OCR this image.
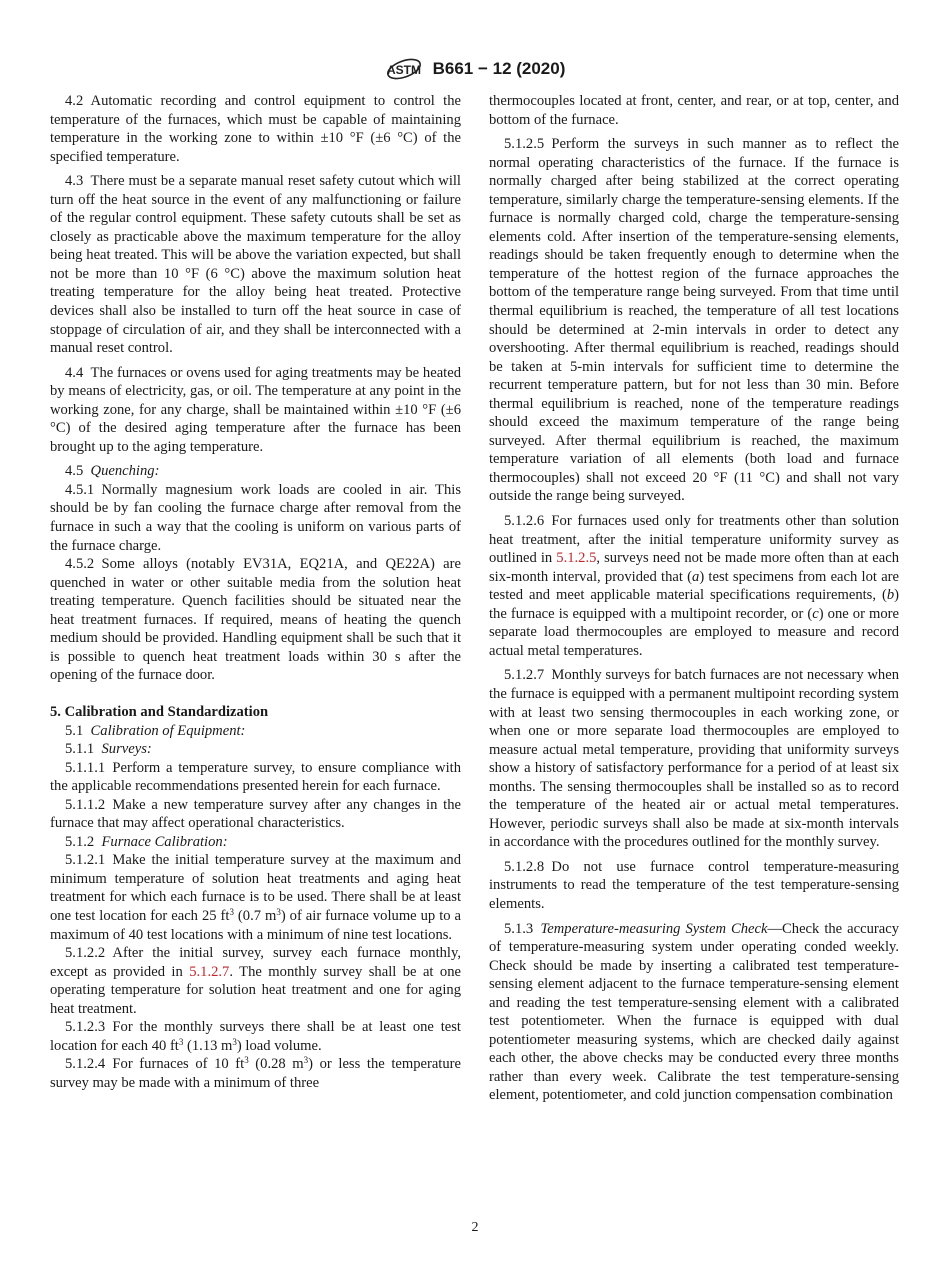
ASTM B661 − 12 (2020)

4.2 Automatic recording and control equipment to control the temperature of the furnaces, which must be capable of maintaining temperature in the working zone to within ±10 °F (±6 °C) of the specified temperature.

4.3 There must be a separate manual reset safety cutout which will turn off the heat source in the event of any malfunctioning or failure of the regular control equipment. These safety cutouts shall be set as closely as practicable above the maximum temperature for the alloy being heat treated. This will be above the variation expected, but shall not be more than 10 °F (6 °C) above the maximum solution heat treating temperature for the alloy being heat treated. Protective devices shall also be installed to turn off the heat source in case of stoppage of circulation of air, and they shall be interconnected with a manual reset control.

4.4 The furnaces or ovens used for aging treatments may be heated by means of electricity, gas, or oil. The temperature at any point in the working zone, for any charge, shall be maintained within ±10 °F (±6 °C) of the desired aging temperature after the furnace has been brought up to the aging temperature.

4.5 Quenching:

4.5.1 Normally magnesium work loads are cooled in air. This should be by fan cooling the furnace charge after removal from the furnace in such a way that the cooling is uniform on various parts of the furnace charge.

4.5.2 Some alloys (notably EV31A, EQ21A, and QE22A) are quenched in water or other suitable media from the solution heat treating temperature. Quench facilities should be situated near the heat treatment furnaces. If required, means of heating the quench medium should be provided. Handling equipment shall be such that it is possible to quench heat treatment loads within 30 s after the opening of the furnace door.

5. Calibration and Standardization

5.1 Calibration of Equipment:

5.1.1 Surveys:

5.1.1.1 Perform a temperature survey, to ensure compliance with the applicable recommendations presented herein for each furnace.

5.1.1.2 Make a new temperature survey after any changes in the furnace that may affect operational characteristics.

5.1.2 Furnace Calibration:

5.1.2.1 Make the initial temperature survey at the maximum and minimum temperature of solution heat treatments and aging heat treatment for which each furnace is to be used. There shall be at least one test location for each 25 $ft^3$ (0.7 $m^3$) of air furnace volume up to a maximum of 40 test locations with a minimum of nine test locations.

5.1.2.2 After the initial survey, survey each furnace monthly, except as provided in 5.1.2.7. The monthly survey shall be at one operating temperature for solution heat treatment and one for aging heat treatment.

5.1.2.3 For the monthly surveys there shall be at least one test location for each 40 $ft^3$ (1.13 $m^3$) load volume.

5.1.2.4 For furnaces of 10 $ft^3$ (0.28 $m^3$) or less the temperature survey may be made with a minimum of three

thermocouples located at front, center, and rear, or at top, center, and bottom of the furnace.

5.1.2.5 Perform the surveys in such manner as to reflect the normal operating characteristics of the furnace. If the furnace is normally charged after being stabilized at the correct operating temperature, similarly charge the temperature-sensing elements. If the furnace is normally charged cold, charge the temperature-sensing elements cold. After insertion of the temperature-sensing elements, readings should be taken frequently enough to determine when the temperature of the hottest region of the furnace approaches the bottom of the temperature range being surveyed. From that time until thermal equilibrium is reached, the temperature of all test locations should be determined at 2-min intervals in order to detect any overshooting. After thermal equilibrium is reached, readings should be taken at 5-min intervals for sufficient time to determine the recurrent temperature pattern, but for not less than 30 min. Before thermal equilibrium is reached, none of the temperature readings should exceed the maximum temperature of the range being surveyed. After thermal equilibrium is reached, the maximum temperature variation of all elements (both load and furnace thermocouples) shall not exceed 20 °F (11 °C) and shall not vary outside the range being surveyed.

5.1.2.6 For furnaces used only for treatments other than solution heat treatment, after the initial temperature uniformity survey as outlined in 5.1.2.5, surveys need not be made more often than at each six-month interval, provided that (a) test specimens from each lot are tested and meet applicable material specifications requirements, (b) the furnace is equipped with a multipoint recorder, or (c) one or more separate load thermocouples are employed to measure and record actual metal temperatures.

5.1.2.7 Monthly surveys for batch furnaces are not necessary when the furnace is equipped with a permanent multipoint recording system with at least two sensing thermocouples in each working zone, or when one or more separate load thermocouples are employed to measure actual metal temperature, providing that uniformity surveys show a history of satisfactory performance for a period of at least six months. The sensing thermocouples shall be installed so as to record the temperature of the heated air or actual metal temperatures. However, periodic surveys shall also be made at six-month intervals in accordance with the procedures outlined for the monthly survey.

5.1.2.8 Do not use furnace control temperature-measuring instruments to read the temperature of the test temperature-sensing elements.

5.1.3 Temperature-measuring System Check—Check the accuracy of temperature-measuring system under operating conded weekly. Check should be made by inserting a calibrated test temperature-sensing element adjacent to the furnace temperature-sensing element and reading the test temperature-sensing element with a calibrated test potentiometer. When the furnace is equipped with dual potentiometer measuring systems, which are checked daily against each other, the above checks may be conducted every three months rather than every week. Calibrate the test temperature-sensing element, potentiometer, and cold junction compensation combination

2
